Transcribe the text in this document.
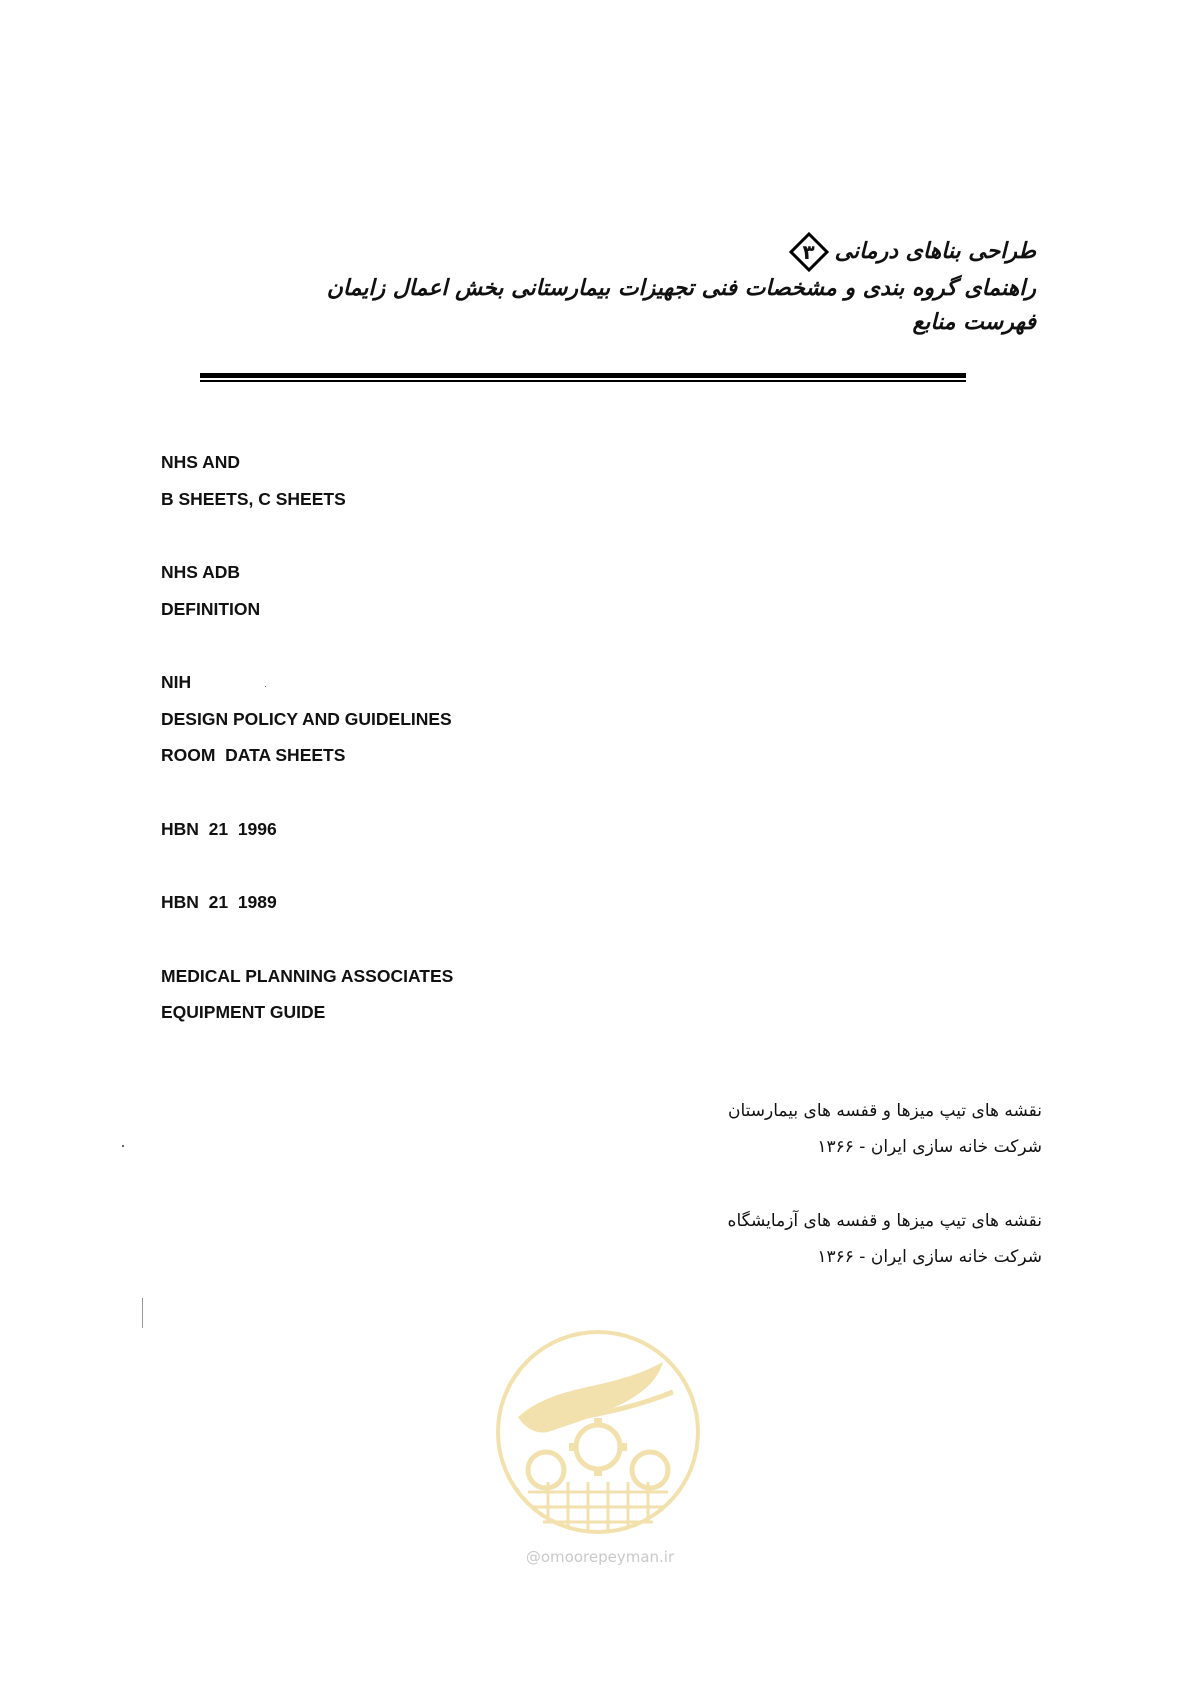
طراحی بناهای درمانی
۳
راهنمای گروه بندی و مشخصات فنی تجهیزات بیمارستانی بخش اعمال زایمان
فهرست منابع
NHS AND
B SHEETS, C SHEETS
NHS ADB
DEFINITION
NIH
DESIGN POLICY AND GUIDELINES
ROOM  DATA SHEETS
HBN  21  1996
HBN  21  1989
MEDICAL PLANNING ASSOCIATES
EQUIPMENT GUIDE
نقشه های تیپ میزها و قفسه های بیمارستان
شرکت خانه سازی ایران - ۱۳۶۶
نقشه های تیپ میزها و قفسه های آزمایشگاه
شرکت خانه سازی ایران - ۱۳۶۶
@omoorepeyman.ir
